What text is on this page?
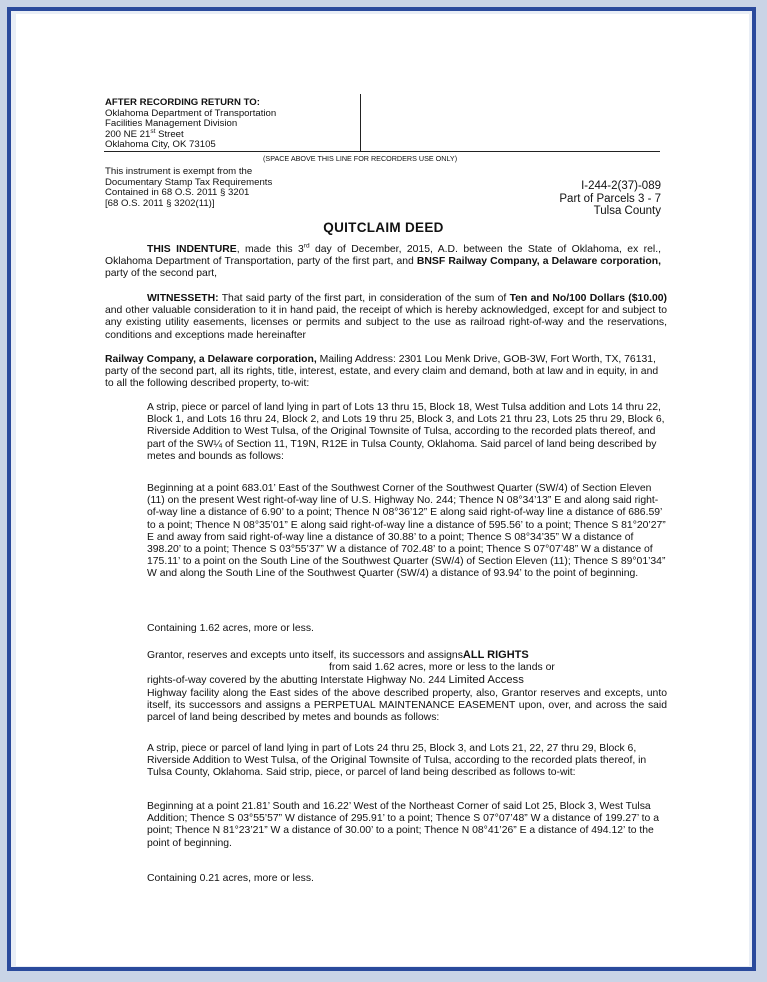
AFTER RECORDING RETURN TO:
Oklahoma Department of Transportation
Facilities Management Division
200 NE 21st Street
Oklahoma City, OK 73105
(SPACE ABOVE THIS LINE FOR RECORDERS USE ONLY)
This instrument is exempt from the
Documentary Stamp Tax Requirements
Contained in 68 O.S. 2011 § 3201
[68 O.S. 2011 § 3202(11)]
I-244-2(37)-089
Part of Parcels 3 - 7
Tulsa County
QUITCLAIM DEED

THIS INDENTURE, made this 3rd day of December, 2015, A.D. between the State of Oklahoma, ex rel., Oklahoma Department of Transportation, party of the first part, and BNSF Railway Company, a Delaware corporation, party of the second part,

WITNESSETH: That said party of the first part, in consideration of the sum of Ten and No/100 Dollars ($10.00) and other valuable consideration to it in hand paid, the receipt of which is hereby acknowledged, except for and subject to any existing utility easements, licenses or permits and subject to the use as railroad right-of-way and the reservations, conditions and exceptions made hereinafter

Railway Company, a Delaware corporation, Mailing Address: 2301 Lou Menk Drive, GOB-3W, Fort Worth, TX, 76131, party of the second part, all its rights, title, interest, estate, and every claim and demand, both at law and in equity, in and to all the following described property, to-wit:

A strip, piece or parcel of land lying in part of Lots 13 thru 15, Block 18, West Tulsa addition and Lots 14 thru 22, Block 1, and Lots 16 thru 24, Block 2, and Lots 19 thru 25, Block 3, and Lots 21 thru 23, Lots 25 thru 29, Block 6, Riverside Addition to West Tulsa, of the Original Townsite of Tulsa, according to the recorded plats thereof, and part of the SW¼ of Section 11, T19N, R12E in Tulsa County, Oklahoma. Said parcel of land being described by metes and bounds as follows:

Beginning at a point 683.01’ East of the Southwest Corner of the Southwest Quarter (SW/4) of Section Eleven (11) on the present West right-of-way line of U.S. Highway No. 244; Thence N 08°34’13” E and along said right-of-way line a distance of 6.90’ to a point; Thence N 08°36’12” E along said right-of-way line a distance of 686.59’ to a point; Thence N 08°35’01” E along said right-of-way line a distance of 595.56’ to a point; Thence S 81°20’27” E and away from said right-of-way line a distance of 30.88’ to a point; Thence S 08°34’35” W a distance of 398.20’ to a point; Thence S 03°55’37” W a distance of 702.48’ to a point; Thence S 07°07’48” W a distance of 175.11’ to a point on the South Line of the Southwest Quarter (SW/4) of Section Eleven (11); Thence S 89°01’34” W and along the South Line of the Southwest Quarter (SW/4) a distance of 93.94’ to the point of beginning.

Containing 1.62 acres, more or less.

Grantor, reserves and excepts unto itself, its successors and assignsALL RIGHTS
from said 1.62 acres, more or less to the lands or
rights-of-way covered by the abutting Interstate Highway No. 244 Limited Access
Highway facility along the East sides of the above described property, also, Grantor reserves and excepts, unto itself, its successors and assigns a PERPETUAL MAINTENANCE EASEMENT upon, over, and across the said parcel of land being described by metes and bounds as follows:

A strip, piece or parcel of land lying in part of Lots 24 thru 25, Block 3, and Lots 21, 22, 27 thru 29, Block 6, Riverside Addition to West Tulsa, of the Original Townsite of Tulsa, according to the recorded plats thereof, in Tulsa County, Oklahoma. Said strip, piece, or parcel of land being described as follows to-wit:

Beginning at a point 21.81’ South and 16.22’ West of the Northeast Corner of said Lot 25, Block 3, West Tulsa Addition; Thence S 03°55’57” W distance of 295.91’ to a point; Thence S 07°07’48” W a distance of 199.27’ to a point; Thence N 81°23’21” W a distance of 30.00’ to a point; Thence N 08°41’26” E a distance of 494.12’ to the point of beginning.

Containing 0.21 acres, more or less.
